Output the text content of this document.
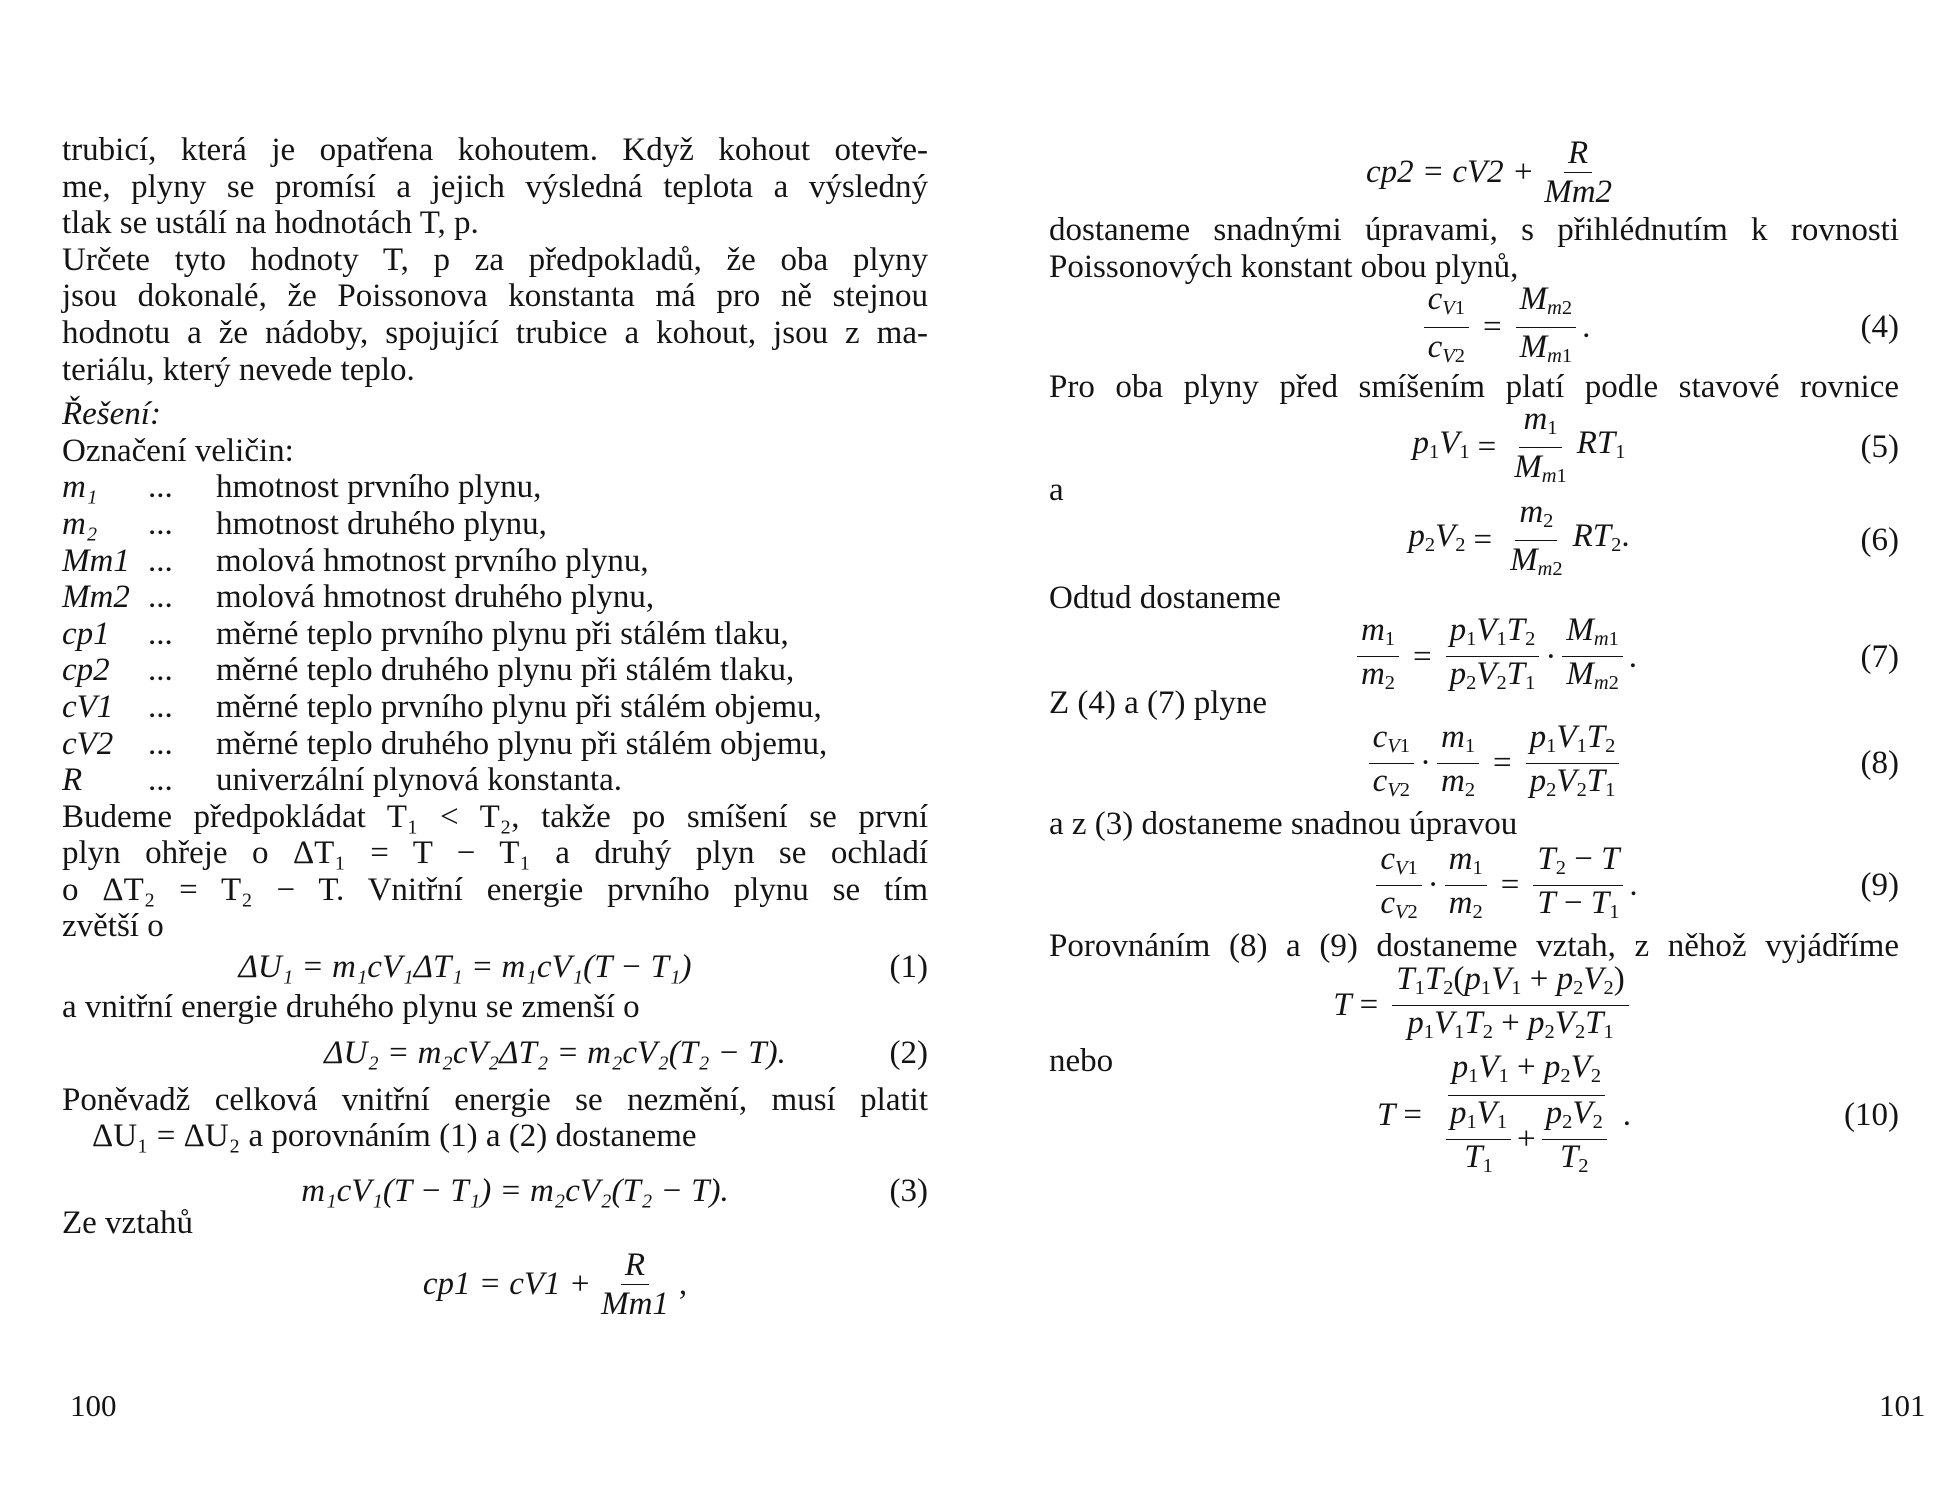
trubicí, která je opatřena kohoutem. Když kohout otevře-
me, plyny se promísí a jejich výsledná teplota a výsledný
tlak se ustálí na hodnotách T, p.
Určete tyto hodnoty T, p za předpokladů, že oba plyny
jsou dokonalé, že Poissonova konstanta má pro ně stejnou
hodnotu a že nádoby, spojující trubice a kohout, jsou z ma-
teriálu, který nevede teplo.
Řešení:
Označení veličin:
m₁	...	hmotnost prvního plynu,
m₂	...	hmotnost druhého plynu,
Mm1 ...	molová hmotnost prvního plynu,
Mm2 ...	molová hmotnost druhého plynu,
cp1	...	měrné teplo prvního plynu při stálém tlaku,
cp2	...	měrné teplo druhého plynu při stálém tlaku,
cV1	...	měrné teplo prvního plynu při stálém objemu,
cV2	...	měrné teplo druhého plynu při stálém objemu,
R	...	univerzální plynová konstanta.
Budeme předpokládat T₁ < T₂, takže po smíšení se první
plyn ohřeje o ΔT₁ = T − T₁ a druhý plyn se ochladí
o ΔT₂ = T₂ − T. Vnitřní energie prvního plynu se tím
zvětší o
ΔU₁ = m₁cV₁ΔT₁ = m₁cV₁(T − T₁)	(1)
a vnitřní energie druhého plynu se zmenší o
ΔU₂ = m₂cV₂ΔT₂ = m₂cV₂(T₂ − T).	(2)
Poněvadž celková vnitřní energie se nezmění, musí platit
ΔU₁ = ΔU₂ a porovnáním (1) a (2) dostaneme
m₁cV₁(T − T₁) = m₂cV₂(T₂ − T).	(3)
Ze vztahů
$cp1 = cV1 + \frac{R}{Mm1}$ ,
100
$cp2 = cV2 + \frac{R}{Mm2}$
dostaneme snadnými úpravami, s přihlédnutím k rovnosti
Poissonových konstant obou plynů,
$\frac{cV_1}{cV_2} = \frac{Mm_2}{Mm_1}$ .	(4)
Pro oba plyny před smíšením platí podle stavové rovnice
$p_1V_1 = \frac{m_1}{Mm_1} RT_1$	(5)
a
$p_2V_2 = \frac{m_2}{Mm_2} RT_2$.	(6)
Odtud dostaneme
$\frac{m_1}{m_2} = \frac{p_1V_1T_2}{p_2V_2T_1} \cdot \frac{Mm_1}{Mm_2}$ .	(7)
Z (4) a (7) plyne
$\frac{cV_1}{cV_2} \cdot \frac{m_1}{m_2} = \frac{p_1V_1T_2}{p_2V_2T_1}$	(8)
a z (3) dostaneme snadnou úpravou
$\frac{cV_1}{cV_2} \cdot \frac{m_1}{m_2} = \frac{T_2 - T}{T - T_1}$ .	(9)
Porovnáním (8) a (9) dostaneme vztah, z něhož vyjádříme
$T = \frac{T_1T_2(p_1V_1 + p_2V_2)}{p_1V_1T_2 + p_2V_2T_1}$
nebo
$T = \frac{p_1V_1 + p_2V_2}{\frac{p_1V_1}{T_1} + \frac{p_2V_2}{T_2}}$ .	(10)
101
